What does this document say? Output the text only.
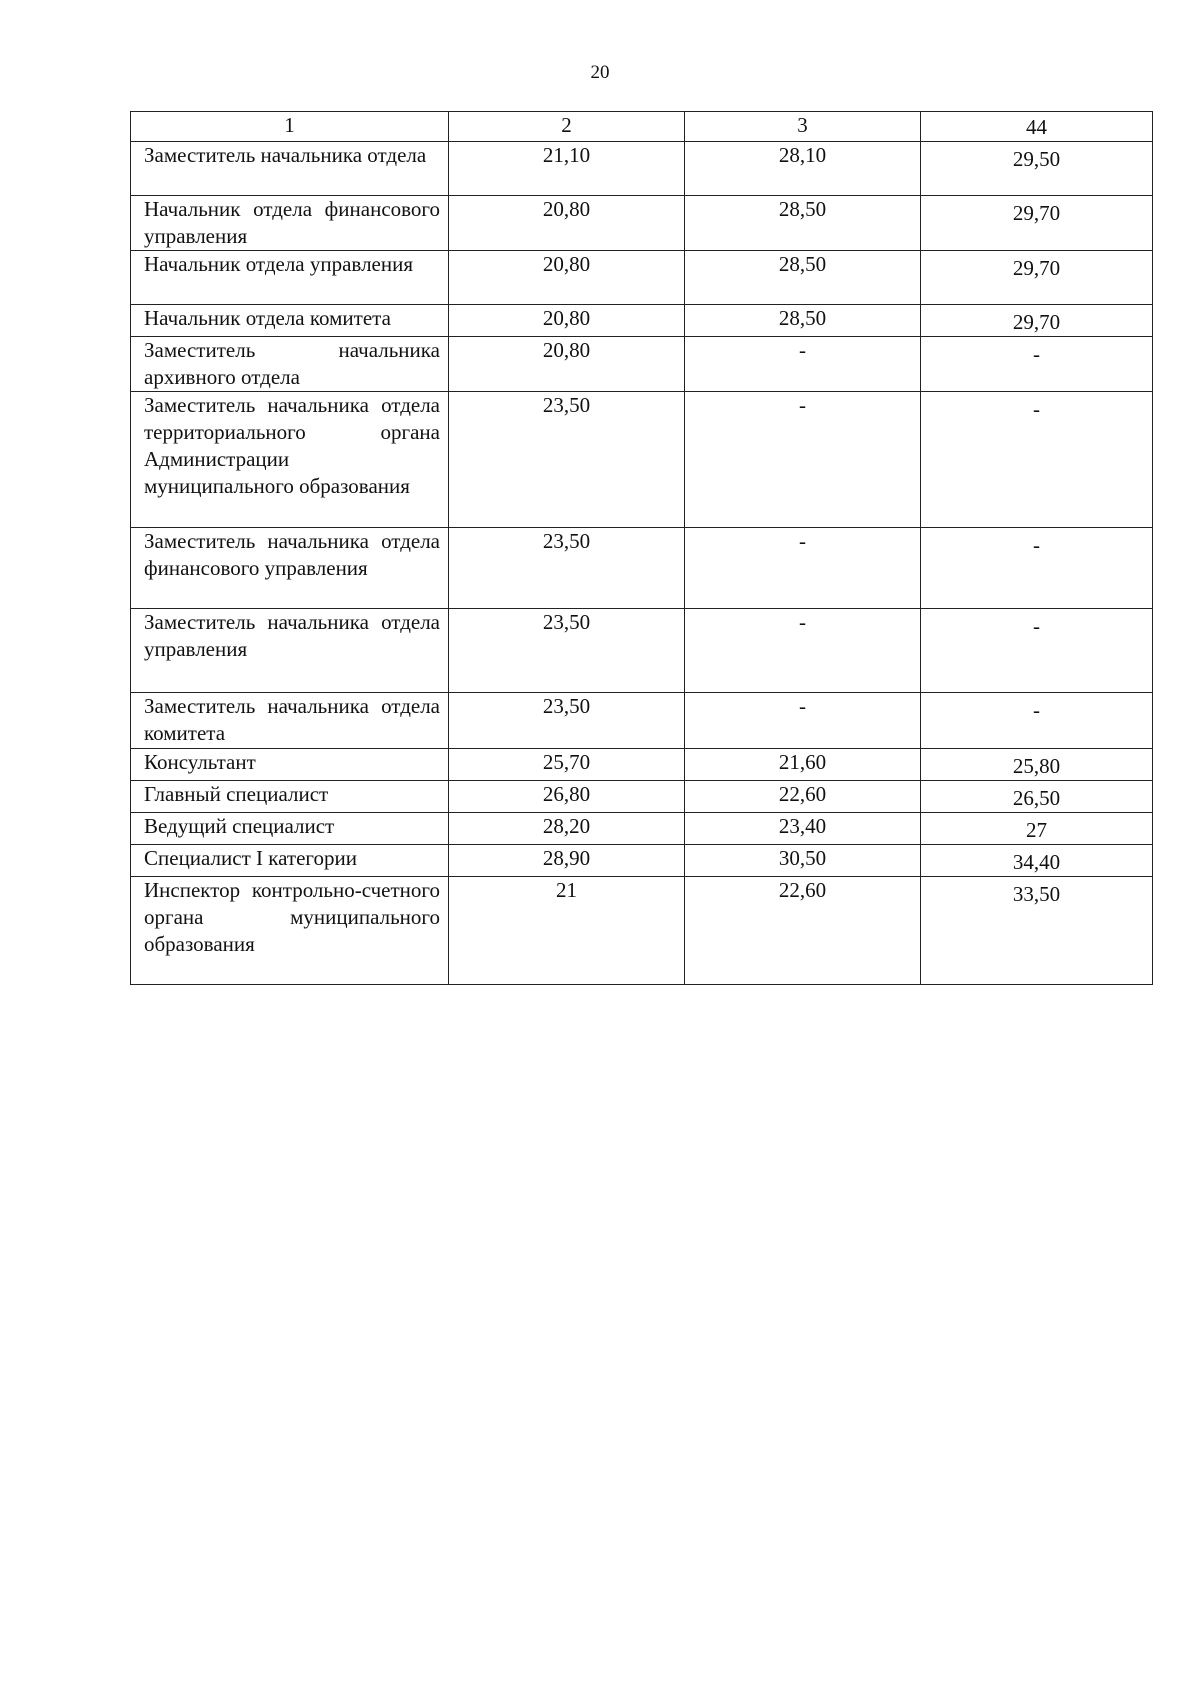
20
1	2	3	44
Заместитель начальника отдела	21,10	28,10	29,50
Начальник отдела финансового управления	20,80	28,50	29,70
Начальник отдела управления	20,80	28,50	29,70
Начальник отдела комитета	20,80	28,50	29,70
Заместитель начальника архивного отдела	20,80	-	-
Заместитель начальника отдела территориального органа Администрации муниципального образования	23,50	-	-
Заместитель начальника отдела финансового управления	23,50	-	-
Заместитель начальника отдела управления	23,50	-	-
Заместитель начальника отдела комитета	23,50	-	-
Консультант	25,70	21,60	25,80
Главный специалист	26,80	22,60	26,50
Ведущий специалист	28,20	23,40	27
Специалист I категории	28,90	30,50	34,40
Инспектор контрольно-счетного органа муниципального образования	21	22,60	33,50
